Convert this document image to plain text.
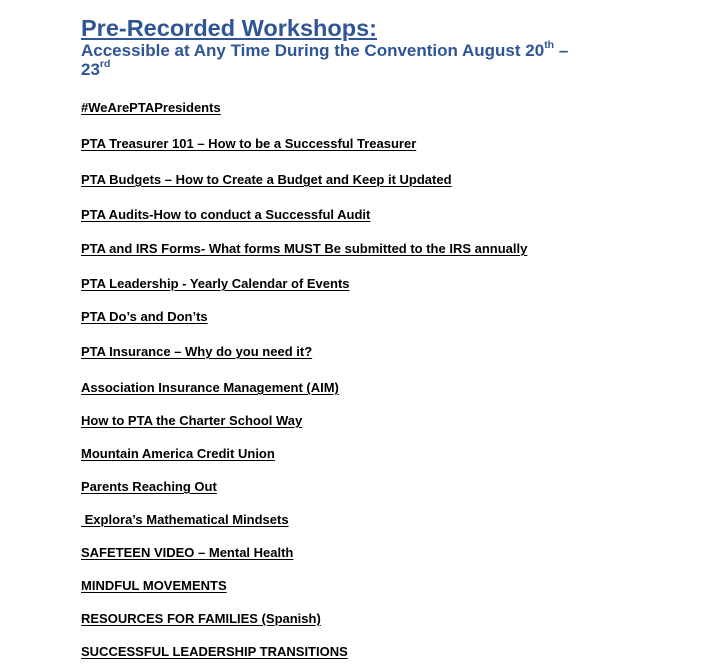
Pre-Recorded Workshops:

Accessible at Any Time During the Convention August 20th –
23rd

#WeArePTAPresidents
PTA Treasurer 101 – How to be a Successful Treasurer
PTA Budgets – How to Create a Budget and Keep it Updated
PTA Audits-How to conduct a Successful Audit
PTA and IRS Forms- What forms MUST Be submitted to the IRS annually
PTA Leadership - Yearly Calendar of Events
PTA Do’s and Don’ts
PTA Insurance – Why do you need it?
Association Insurance Management (AIM)
How to PTA the Charter School Way
Mountain America Credit Union
Parents Reaching Out
Explora’s Mathematical Mindsets
SAFETEEN VIDEO – Mental Health
MINDFUL MOVEMENTS
RESOURCES FOR FAMILIES (Spanish)
SUCCESSFUL LEADERSHIP TRANSITIONS
